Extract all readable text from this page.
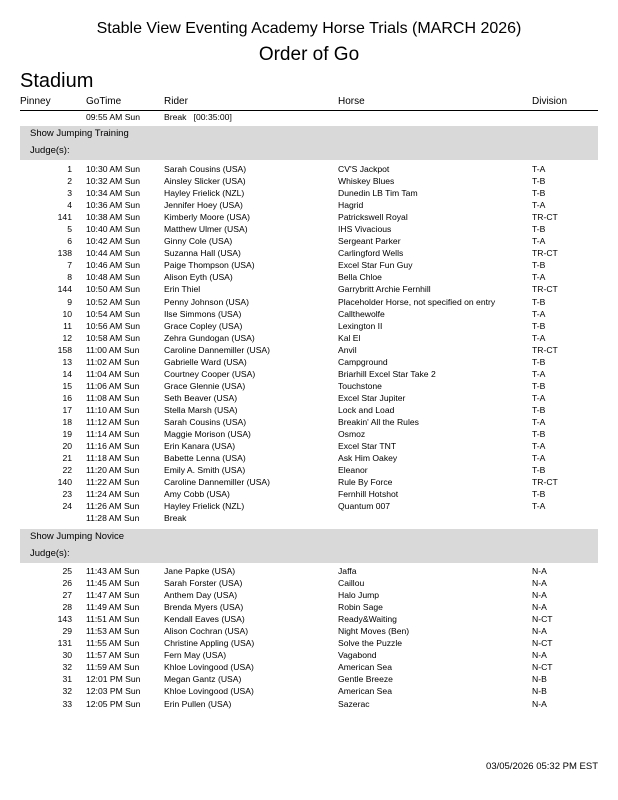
Stable View Eventing Academy Horse Trials (MARCH 2026)
Order of Go
Stadium
Pinney	GoTime	Rider	Horse	Division
09:55 AM Sun	Break   [00:35:00]
Show Jumping Training
Judge(s):
1 10:30 AM Sun	Sarah Cousins (USA)	CV'S Jackpot	T-A
2 10:32 AM Sun	Ainsley Slicker (USA)	Whiskey Blues	T-B
3 10:34 AM Sun	Hayley Frielick (NZL)	Dunedin LB Tim Tam	T-B
4 10:36 AM Sun	Jennifer Hoey (USA)	Hagrid	T-A
141 10:38 AM Sun	Kimberly Moore (USA)	Patrickswell Royal	TR-CT
5 10:40 AM Sun	Matthew Ulmer (USA)	IHS Vivacious	T-B
6 10:42 AM Sun	Ginny Cole (USA)	Sergeant Parker	T-A
138 10:44 AM Sun	Suzanna Hall (USA)	Carlingford Wells	TR-CT
7 10:46 AM Sun	Paige Thompson (USA)	Excel Star Fun Guy	T-B
8 10:48 AM Sun	Alison Eyth (USA)	Bella Chloe	T-A
144 10:50 AM Sun	Erin Thiel	Garrybritt Archie Fernhill	TR-CT
9 10:52 AM Sun	Penny Johnson (USA)	Placeholder Horse, not specified on entry	T-B
10 10:54 AM Sun	Ilse Simmons (USA)	Callthewolfe	T-A
11 10:56 AM Sun	Grace Copley (USA)	Lexington II	T-B
12 10:58 AM Sun	Zehra Gundogan (USA)	Kal El	T-A
158 11:00 AM Sun	Caroline Dannemiller (USA)	Anvil	TR-CT
13 11:02 AM Sun	Gabrielle Ward (USA)	Campground	T-B
14 11:04 AM Sun	Courtney Cooper (USA)	Briarhill Excel Star Take 2	T-A
15 11:06 AM Sun	Grace Glennie (USA)	Touchstone	T-B
16 11:08 AM Sun	Seth Beaver (USA)	Excel Star Jupiter	T-A
17 11:10 AM Sun	Stella Marsh (USA)	Lock and Load	T-B
18 11:12 AM Sun	Sarah Cousins (USA)	Breakin' All the Rules	T-A
19 11:14 AM Sun	Maggie Morison (USA)	Osmoz	T-B
20 11:16 AM Sun	Erin Kanara (USA)	Excel Star TNT	T-A
21 11:18 AM Sun	Babette Lenna (USA)	Ask Him Oakey	T-A
22 11:20 AM Sun	Emily A. Smith (USA)	Eleanor	T-B
140 11:22 AM Sun	Caroline Dannemiller (USA)	Rule By Force	TR-CT
23 11:24 AM Sun	Amy Cobb (USA)	Fernhill Hotshot	T-B
24 11:26 AM Sun	Hayley Frielick (NZL)	Quantum 007	T-A
11:28 AM Sun	Break
Show Jumping Novice
Judge(s):
25 11:43 AM Sun	Jane Papke (USA)	Jaffa	N-A
26 11:45 AM Sun	Sarah Forster (USA)	Caillou	N-A
27 11:47 AM Sun	Anthem Day (USA)	Halo Jump	N-A
28 11:49 AM Sun	Brenda Myers (USA)	Robin Sage	N-A
143 11:51 AM Sun	Kendall Eaves (USA)	Ready&Waiting	N-CT
29 11:53 AM Sun	Alison Cochran (USA)	Night Moves (Ben)	N-A
131 11:55 AM Sun	Christine Appling (USA)	Solve the Puzzle	N-CT
30 11:57 AM Sun	Fern May (USA)	Vagabond	N-A
32 11:59 AM Sun	Khloe Lovingood (USA)	American Sea	N-CT
31 12:01 PM Sun	Megan Gantz (USA)	Gentle Breeze	N-B
32 12:03 PM Sun	Khloe Lovingood (USA)	American Sea	N-B
33 12:05 PM Sun	Erin Pullen (USA)	Sazerac	N-A
03/05/2026 05:32 PM EST
